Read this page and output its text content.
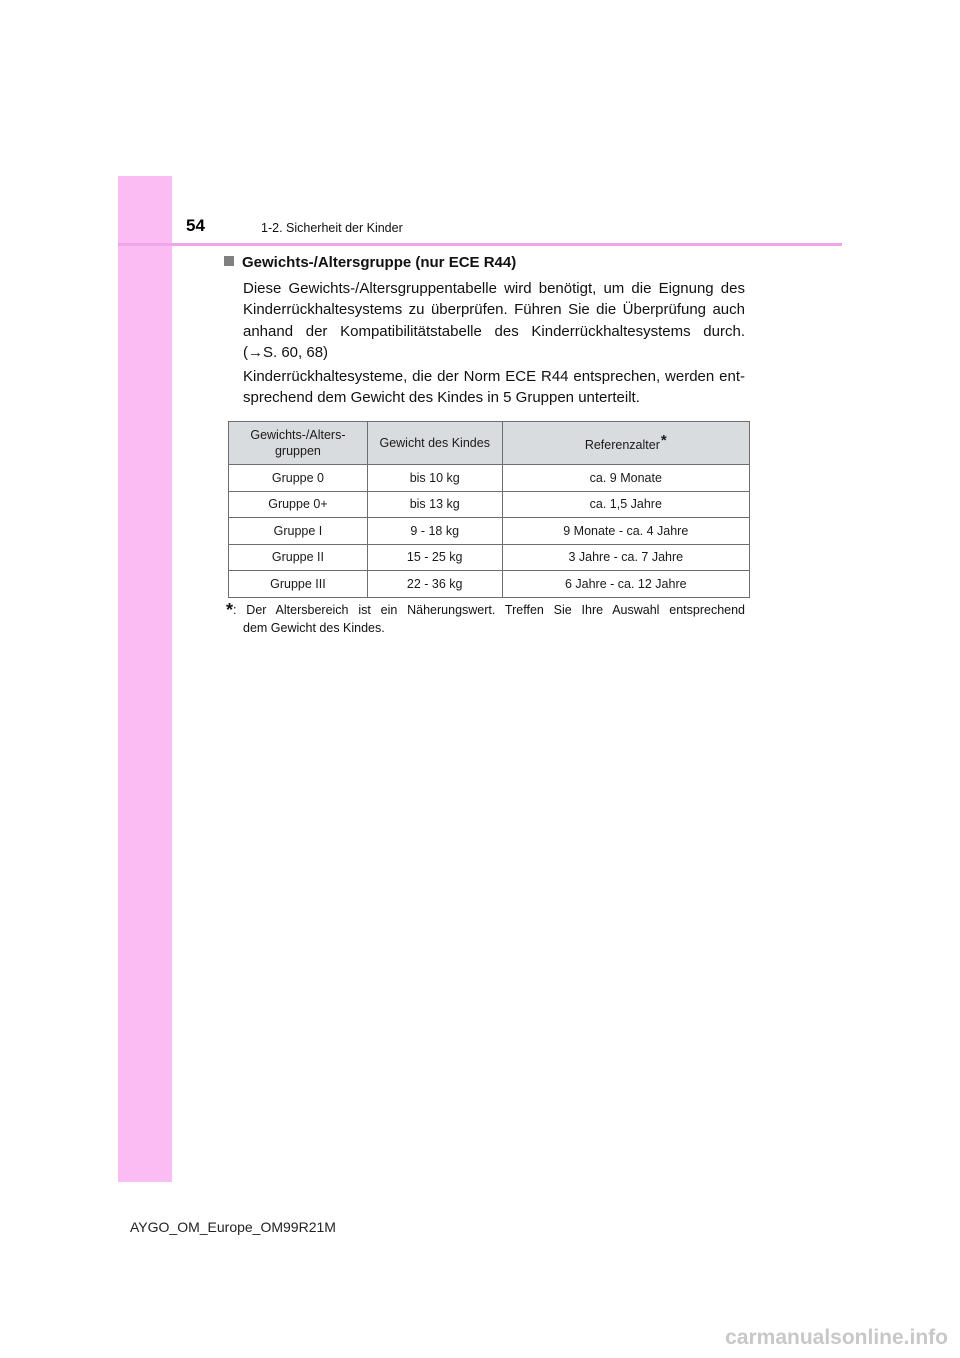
54	1-2. Sicherheit der Kinder
Gewichts-/Altersgruppe (nur ECE R44)
Diese Gewichts-/Altersgruppentabelle wird benötigt, um die Eignung des
Kinderrückhaltesystems zu überprüfen. Führen Sie die Überprüfung auch
anhand der Kompatibilitätstabelle des Kinderrückhaltesystems durch.
(→S. 60, 68)
Kinderrückhaltesysteme, die der Norm ECE R44 entsprechen, werden ent-
sprechend dem Gewicht des Kindes in 5 Gruppen unterteilt.
Gewichts-/Alters-
gruppen	Gewicht des Kindes	Referenzalter*
Gruppe 0	bis 10 kg	ca. 9 Monate
Gruppe 0+	bis 13 kg	ca. 1,5 Jahre
Gruppe I	9 - 18 kg	9 Monate - ca. 4 Jahre
Gruppe II	15 - 25 kg	3 Jahre - ca. 7 Jahre
Gruppe III	22 - 36 kg	6 Jahre - ca. 12 Jahre
*: Der Altersbereich ist ein Näherungswert. Treffen Sie Ihre Auswahl entsprechend
dem Gewicht des Kindes.
AYGO_OM_Europe_OM99R21M
carmanualsonline.info
